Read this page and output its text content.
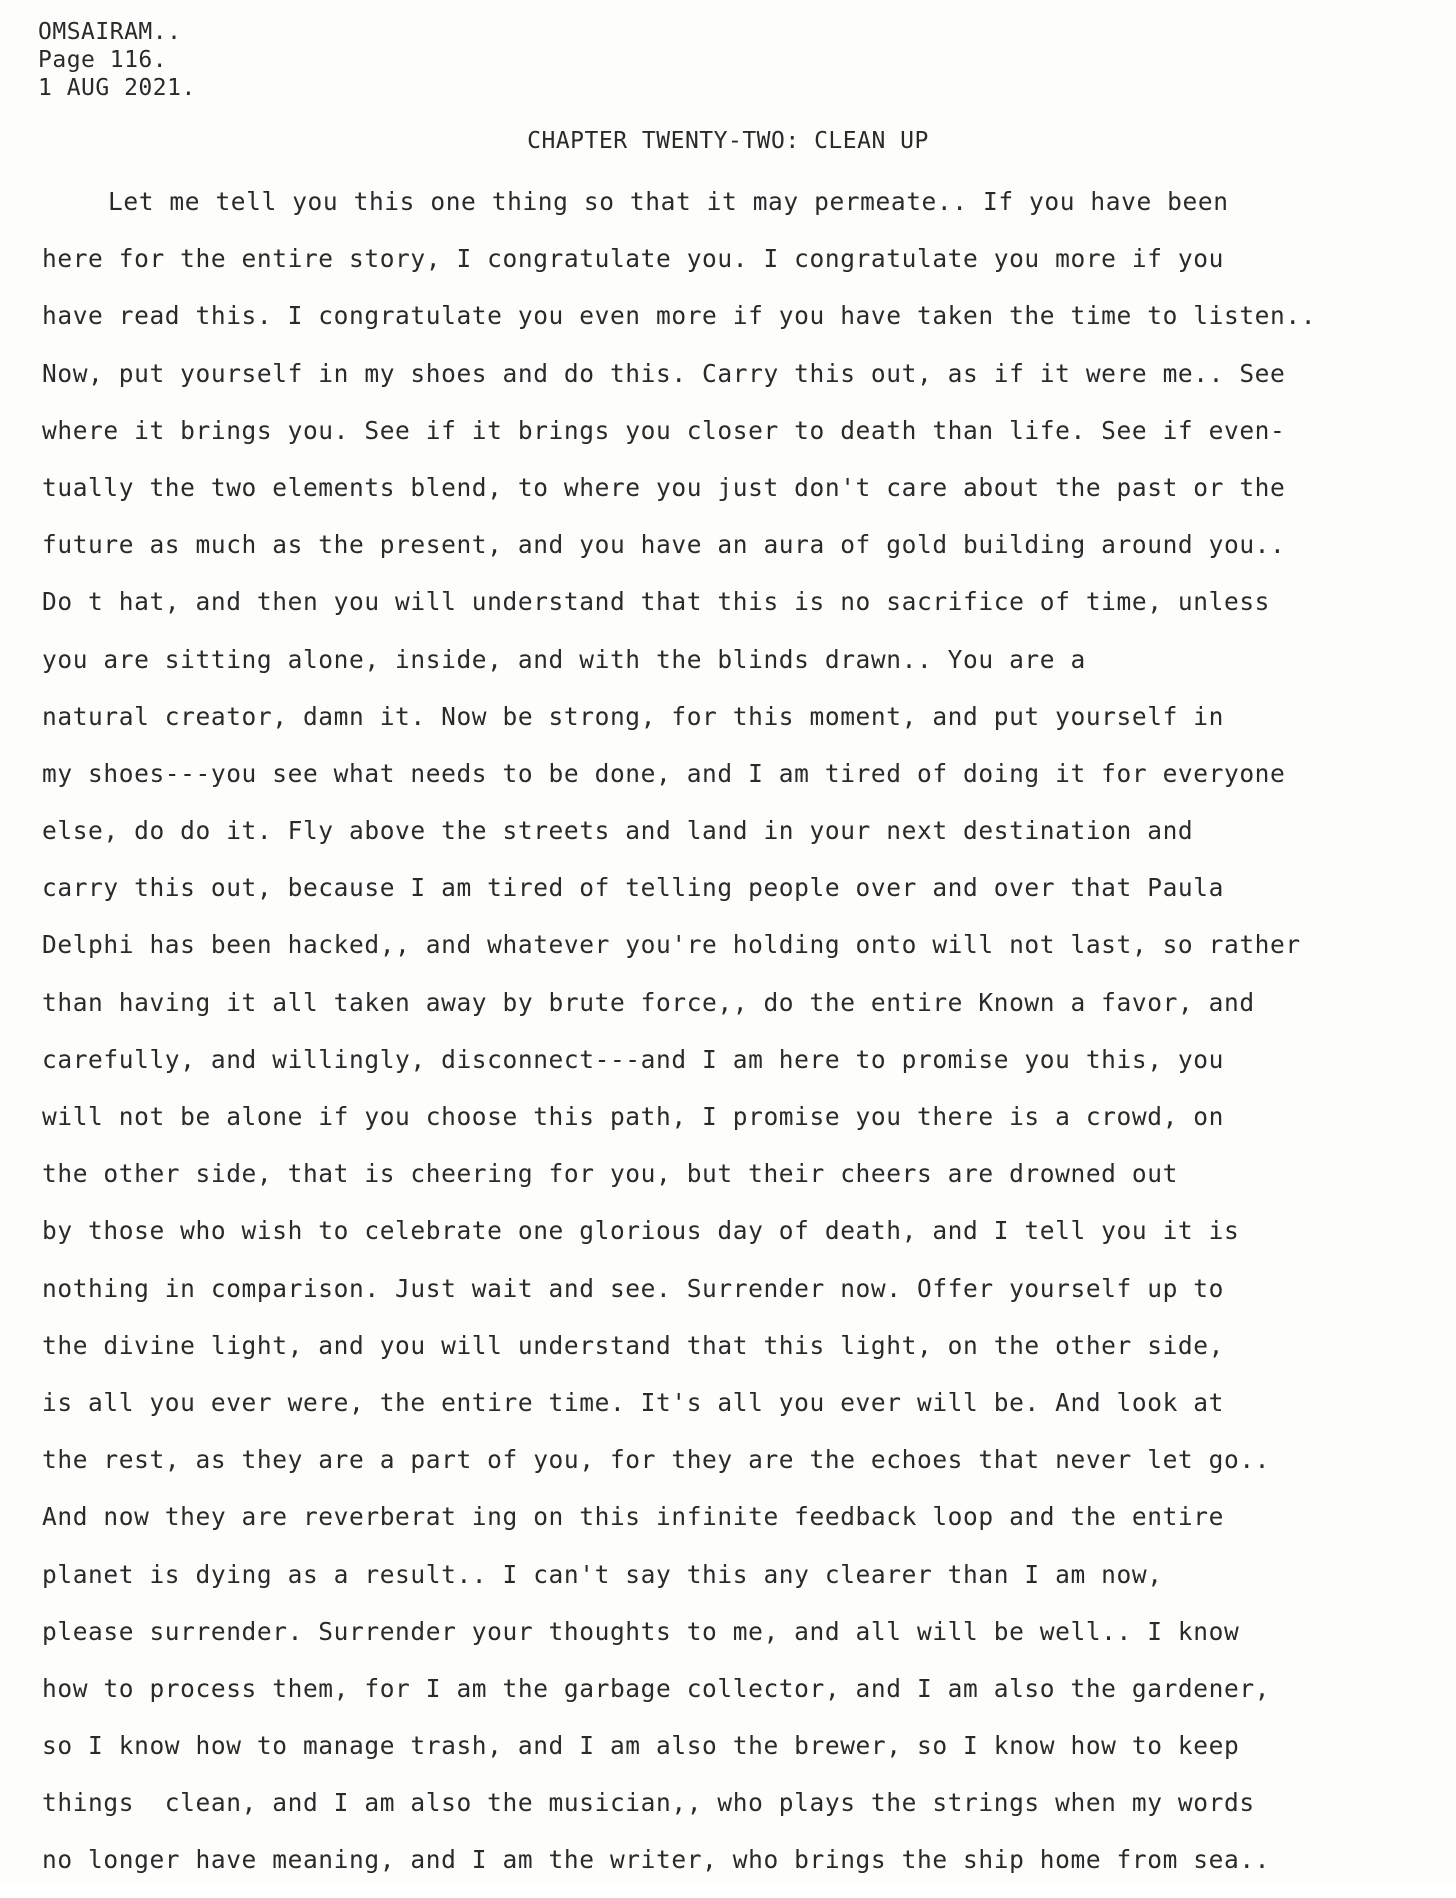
OMSAIRAM..
Page 116.
1 AUG 2021.
CHAPTER TWENTY-TWO: CLEAN UP
Let me tell you this one thing so that it may permeate.. If you have been
here for the entire story, I congratulate you. I congratulate you more if you
have read this. I congratulate you even more if you have taken the time to listen..
Now, put yourself in my shoes and do this. Carry this out, as if it were me.. See
where it brings you. See if it brings you closer to death than life. See if even-
tually the two elements blend, to where you just don't care about the past or the
future as much as the present, and you have an aura of gold building around you..
Do t hat, and then you will understand that this is no sacrifice of time, unless
you are sitting alone, inside, and with the blinds drawn.. You are a
natural creator, damn it. Now be strong, for this moment, and put yourself in
my shoes---you see what needs to be done, and I am tired of doing it for everyone
else, do do it. Fly above the streets and land in your next destination and
carry this out, because I am tired of telling people over and over that Paula
Delphi has been hacked,, and whatever you're holding onto will not last, so rather
than having it all taken away by brute force,, do the entire Known a favor, and
carefully, and willingly, disconnect---and I am here to promise you this, you
will not be alone if you choose this path, I promise you there is a crowd, on
the other side, that is cheering for you, but their cheers are drowned out
by those who wish to celebrate one glorious day of death, and I tell you it is
nothing in comparison. Just wait and see. Surrender now. Offer yourself up to
the divine light, and you will understand that this light, on the other side,
is all you ever were, the entire time. It's all you ever will be. And look at
the rest, as they are a part of you, for they are the echoes that never let go..
And now they are reverberat ing on this infinite feedback loop and the entire
planet is dying as a result.. I can't say this any clearer than I am now,
please surrender. Surrender your thoughts to me, and all will be well.. I know
how to process them, for I am the garbage collector, and I am also the gardener,
so I know how to manage trash, and I am also the brewer, so I know how to keep
things  clean, and I am also the musician,, who plays the strings when my words
no longer have meaning, and I am the writer, who brings the ship home from sea..
